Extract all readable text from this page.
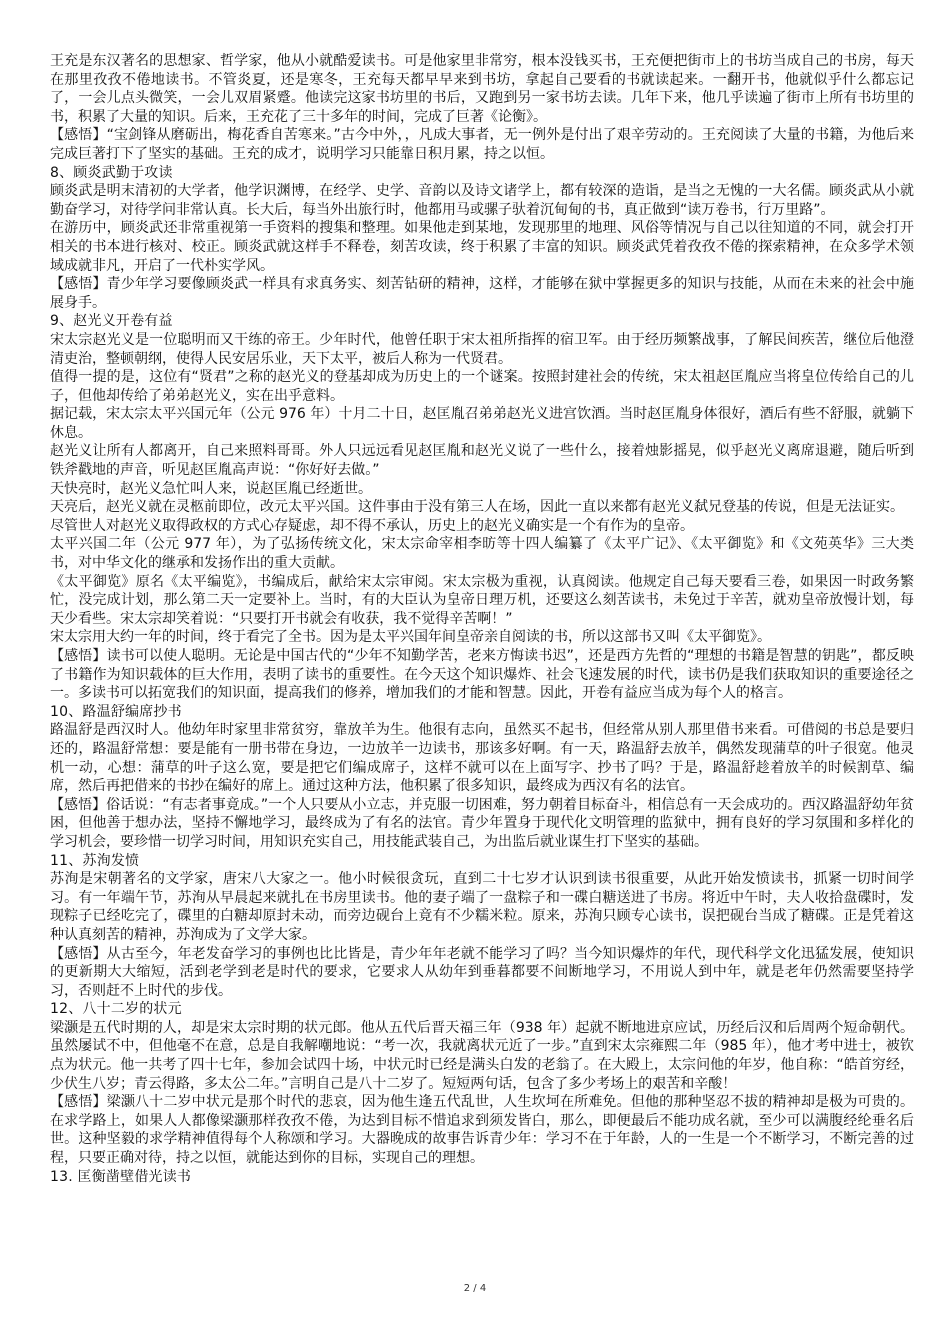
王充是东汉著名的思想家、哲学家，他从小就酷爱读书。可是他家里非常穷，根本没钱买书，王充便把街市上的书坊当成自己的书房，每天在那里孜孜不倦地读书。不管炎夏，还是寒冬，王充每天都早早来到书坊，拿起自己要看的书就读起来。一翻开书，他就似乎什么都忘记了，一会儿点头微笑，一会儿双眉紧蹙。他读完这家书坊里的书后，又跑到另一家书坊去读。几年下来，他几乎读遍了街市上所有书坊里的书，积累了大量的知识。后来，王充花了三十多年的时间，完成了巨著《论衡》。

【感悟】“宝剑锋从磨砺出，梅花香自苦寒来。”古今中外，，凡成大事者，无一例外是付出了艰辛劳动的。王充阅读了大量的书籍，为他后来完成巨著打下了坚实的基础。王充的成才，说明学习只能靠日积月累，持之以恒。

8、顾炎武勤于攻读

顾炎武是明末清初的大学者，他学识渊博，在经学、史学、音韵以及诗文诸学上，都有较深的造诣，是当之无愧的一大名儒。顾炎武从小就勤奋学习，对待学问非常认真。长大后，每当外出旅行时，他都用马或骡子驮着沉甸甸的书，真正做到“读万卷书，行万里路”。

在游历中，顾炎武还非常重视第一手资料的搜集和整理。如果他走到某地，发现那里的地理、风俗等情况与自己以往知道的不同，就会打开相关的书本进行核对、校正。顾炎武就这样手不释卷，刻苦攻读，终于积累了丰富的知识。顾炎武凭着孜孜不倦的探索精神，在众多学术领域成就非凡，开启了一代朴实学风。

【感悟】青少年学习要像顾炎武一样具有求真务实、刻苦钻研的精神，这样，才能够在狱中掌握更多的知识与技能，从而在未来的社会中施展身手。

9、赵光义开卷有益

宋太宗赵光义是一位聪明而又干练的帝王。少年时代，他曾任职于宋太祖所指挥的宿卫军。由于经历频繁战事，了解民间疾苦，继位后他澄清吏治，整顿朝纲，使得人民安居乐业，天下太平，被后人称为一代贤君。

值得一提的是，这位有“贤君”之称的赵光义的登基却成为历史上的一个谜案。按照封建社会的传统，宋太祖赵匡胤应当将皇位传给自己的儿子，但他却传给了弟弟赵光义，实在出乎意料。

据记载，宋太宗太平兴国元年（公元 976 年）十月二十日，赵匡胤召弟弟赵光义进宫饮酒。当时赵匡胤身体很好，酒后有些不舒服，就躺下休息。

赵光义让所有人都离开，自己来照料哥哥。外人只远远看见赵匡胤和赵光义说了一些什么，接着烛影摇晃，似乎赵光义离席退避，随后听到铁斧戳地的声音，听见赵匡胤高声说：“你好好去做。”

天快亮时，赵光义急忙叫人来，说赵匡胤已经逝世。

天亮后，赵光义就在灵柩前即位，改元太平兴国。这件事由于没有第三人在场，因此一直以来都有赵光义弑兄登基的传说，但是无法证实。

尽管世人对赵光义取得政权的方式心存疑虑，却不得不承认，历史上的赵光义确实是一个有作为的皇帝。

太平兴国二年（公元 977 年），为了弘扬传统文化，宋太宗命宰相李昉等十四人编纂了《太平广记》、《太平御览》和《文苑英华》三大类书，对中华文化的继承和发扬作出的重大贡献。

《太平御览》原名《太平编览》，书编成后，献给宋太宗审阅。宋太宗极为重视，认真阅读。他规定自己每天要看三卷，如果因一时政务繁忙，没完成计划，那么第二天一定要补上。当时，有的大臣认为皇帝日理万机，还要这么刻苦读书，未免过于辛苦，就劝皇帝放慢计划，每天少看些。宋太宗却笑着说：“只要打开书就会有收获，我不觉得辛苦啊！”

宋太宗用大约一年的时间，终于看完了全书。因为是太平兴国年间皇帝亲自阅读的书，所以这部书又叫《太平御览》。

【感悟】读书可以使人聪明。无论是中国古代的“少年不知勤学苦，老来方悔读书迟”，还是西方先哲的“理想的书籍是智慧的钥匙”，都反映了书籍作为知识载体的巨大作用，表明了读书的重要性。在今天这个知识爆炸、社会飞速发展的时代，读书仍是我们获取知识的重要途径之一。多读书可以拓宽我们的知识面，提高我们的修养，增加我们的才能和智慧。因此，开卷有益应当成为每个人的格言。

10、路温舒编席抄书

路温舒是西汉时人。他幼年时家里非常贫穷，靠放羊为生。他很有志向，虽然买不起书，但经常从别人那里借书来看。可借阅的书总是要归还的，路温舒常想：要是能有一册书带在身边，一边放羊一边读书，那该多好啊。有一天，路温舒去放羊，偶然发现蒲草的叶子很宽。他灵机一动，心想：蒲草的叶子这么宽，要是把它们编成席子，这样不就可以在上面写字、抄书了吗？于是，路温舒趁着放羊的时候割草、编席，然后再把借来的书抄在编好的席上。通过这种方法，他积累了很多知识，最终成为西汉有名的法官。

【感悟】俗话说：“有志者事竟成。”一个人只要从小立志，并克服一切困难，努力朝着目标奋斗，相信总有一天会成功的。西汉路温舒幼年贫困，但他善于想办法，坚持不懈地学习，最终成为了有名的法官。青少年置身于现代化文明管理的监狱中，拥有良好的学习氛围和多样化的学习机会，要珍惜一切学习时间，用知识充实自己，用技能武装自己，为出监后就业谋生打下坚实的基础。

11、苏洵发愤

苏洵是宋朝著名的文学家，唐宋八大家之一。他小时候很贪玩，直到二十七岁才认识到读书很重要，从此开始发愤读书，抓紧一切时间学习。有一年端午节，苏洵从早晨起来就扎在书房里读书。他的妻子端了一盘粽子和一碟白糖送进了书房。将近中午时，夫人收拾盘碟时，发现粽子已经吃完了，碟里的白糖却原封未动，而旁边砚台上竟有不少糯米粒。原来，苏洵只顾专心读书，误把砚台当成了糖碟。正是凭着这种认真刻苦的精神，苏洵成为了文学大家。

【感悟】从古至今，年老发奋学习的事例也比比皆是，青少年年老就不能学习了吗？当今知识爆炸的年代，现代科学文化迅猛发展，使知识的更新期大大缩短，活到老学到老是时代的要求，它要求人从幼年到垂暮都要不间断地学习，不用说人到中年，就是老年仍然需要坚持学习，否则赶不上时代的步伐。

12、八十二岁的状元

梁灏是五代时期的人，却是宋太宗时期的状元郎。他从五代后晋天福三年（938 年）起就不断地进京应试，历经后汉和后周两个短命朝代。虽然屡试不中，但他毫不在意，总是自我解嘲地说：“考一次，我就离状元近了一步。”直到宋太宗雍熙二年（985 年），他才考中进士，被钦点为状元。他一共考了四十七年，参加会试四十场，中状元时已经是满头白发的老翁了。在大殿上，太宗问他的年岁，他自称：“皓首穷经，少伏生八岁；青云得路，多太公二年。”言明自己是八十二岁了。短短两句话，包含了多少考场上的艰苦和辛酸！

【感悟】梁灏八十二岁中状元是那个时代的悲哀，因为他生逢五代乱世，人生坎坷在所难免。但他的那种坚忍不拔的精神却是极为可贵的。在求学路上，如果人人都像梁灏那样孜孜不倦，为达到目标不惜追求到须发皆白，那么，即便最后不能功成名就，至少可以满腹经纶垂名后世。这种坚毅的求学精神值得每个人称颂和学习。大器晚成的故事告诉青少年：学习不在于年龄，人的一生是一个不断学习，不断完善的过程，只要正确对待，持之以恒，就能达到你的目标，实现自己的理想。

13. 匡衡凿壁借光读书

2 / 4
